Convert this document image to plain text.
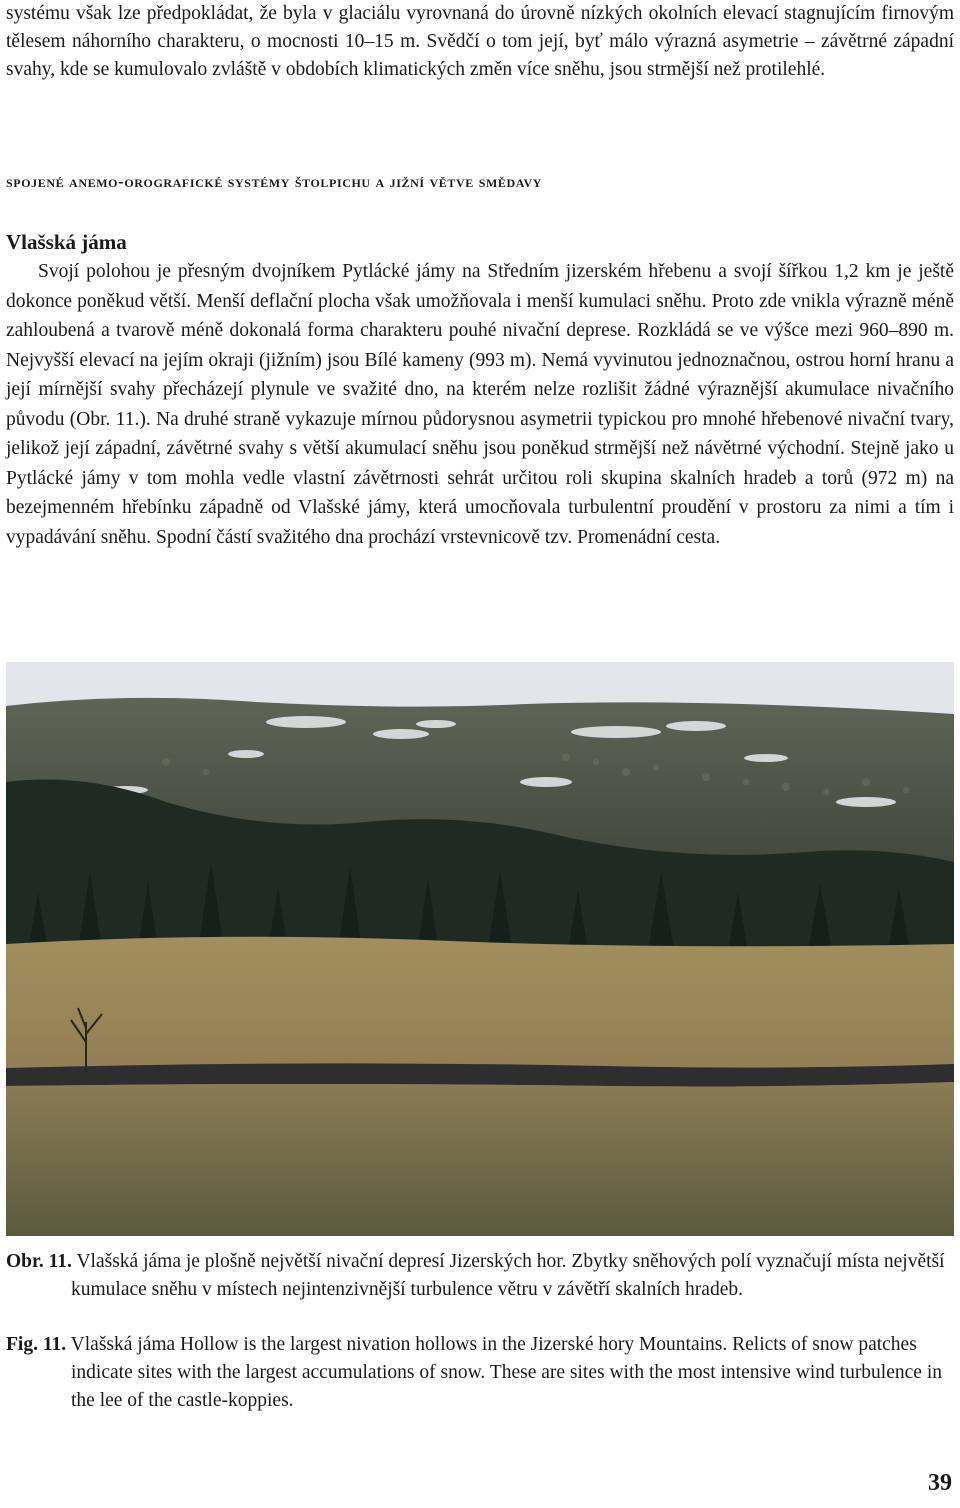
systému však lze předpokládat, že byla v glaciálu vyrovnaná do úrovně nízkých okolních elevací stagnujícím firnovým tělesem náhorního charakteru, o mocnosti 10–15 m. Svědčí o tom její, byť málo výrazná asymetrie – závětrné západní svahy, kde se kumulovalo zvláště v obdobích klimatických změn více sněhu, jsou strmější než protilehlé.

spojené anemo-orografické systémy štolpichu a jižní větve smědavy
Vlašská jáma

Svojí polohou je přesným dvojníkem Pytlácké jámy na Středním jizerském hřebenu a svojí šířkou 1,2 km je ještě dokonce poněkud větší. Menší deflační plocha však umožňovala i menší kumulaci sněhu. Proto zde vnikla výrazně méně zahloubená a tvarově méně dokonalá forma charakteru pouhé nivační deprese. Rozkládá se ve výšce mezi 960–890 m. Nejvyšší elevací na jejím okraji (jižním) jsou Bílé kameny (993 m). Nemá vyvinutou jednoznačnou, ostrou horní hranu a její mírnější svahy přecházejí plynule ve svažité dno, na kterém nelze rozlišit žádné výraznější akumulace nivačního původu (Obr. 11.). Na druhé straně vykazuje mírnou půdorysnou asymetrii typickou pro mnohé hřebenové nivační tvary, jelikož její západní, závětrné svahy s větší akumulací sněhu jsou poněkud strmější než návětrné východní. Stejně jako u Pytlácké jámy v tom mohla vedle vlastní závětrnosti sehrát určitou roli skupina skalních hradeb a torů (972 m) na bezejmenném hřebínku západně od Vlašské jámy, která umocňovala turbulentní proudění v prostoru za nimi a tím i vypadávání sněhu. Spodní částí svažitého dna prochází vrstevnicově tzv. Promenádní cesta.

Obr. 11. Vlašská jáma je plošně největší nivační depresí Jizerských hor. Zbytky sněhových polí vyznačují místa největší kumulace sněhu v místech nejintenzivnější turbulence větru v závětří skalních hradeb.

Fig. 11. Vlašská jáma Hollow is the largest nivation hollows in the Jizerské hory Mountains. Relicts of snow patches indicate sites with the largest accumulations of snow. These are sites with the most intensive wind turbulence in the lee of the castle-koppies.

39
